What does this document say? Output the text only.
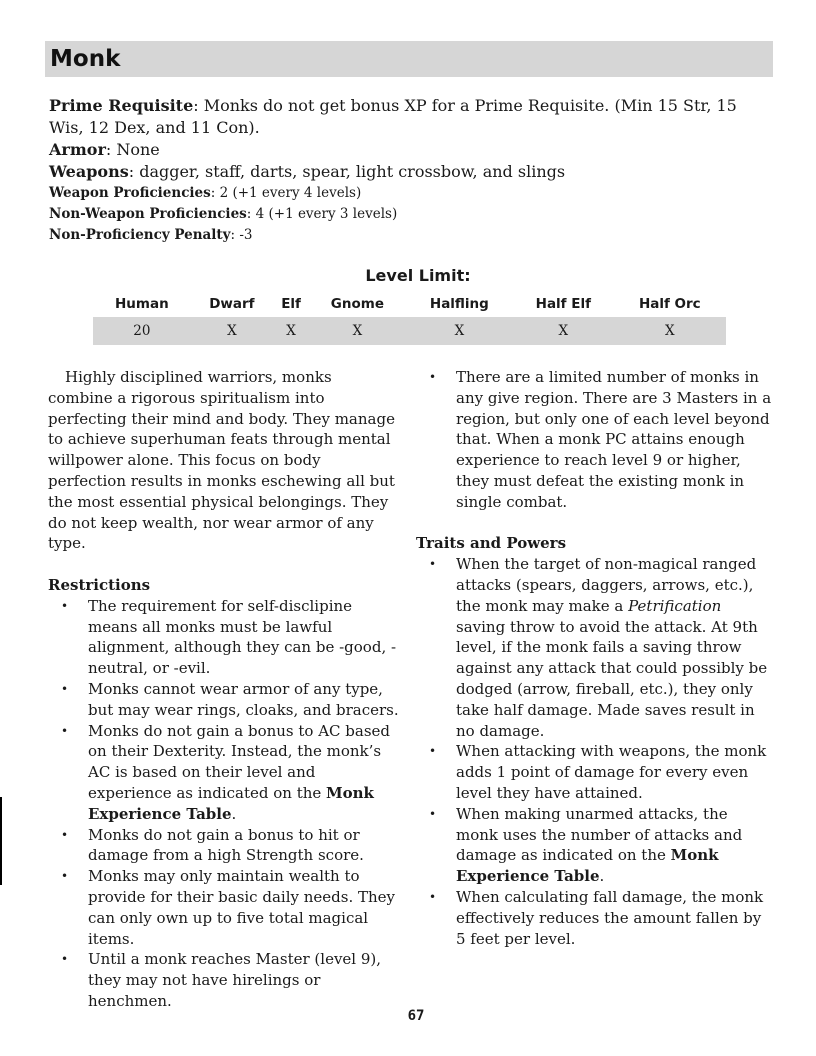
Monk

Prime Requisite: Monks do not get bonus XP for a Prime Requisite. (Min 15 Str, 15 Wis, 12 Dex, and 11 Con).

Armor: None

Weapons: dagger, staff, darts, spear, light crossbow, and slings

Weapon Proficiencies: 2 (+1 every 4 levels)

Non-Weapon Proficiencies: 4 (+1 every 3 levels)

Non-Proficiency Penalty: -3

Level Limit:
Human	Dwarf	Elf	Gnome	Halfling	Half Elf	Half Orc
20	X	X	X	X	X	X

Highly disciplined warriors, monks combine a rigorous spiritualism into perfecting their mind and body. They manage to achieve superhuman feats through mental willpower alone. This focus on body perfection results in monks eschewing all but the most essential physical belongings. They do not keep wealth, nor wear armor of any type.

Restrictions

• The requirement for self-disclipine means all monks must be lawful alignment, although they can be -good, -neutral, or -evil.
• Monks cannot wear armor of any type, but may wear rings, cloaks, and bracers.
• Monks do not gain a bonus to AC based on their Dexterity. Instead, the monk’s AC is based on their level and experience as indicated on the Monk Experience Table.
• Monks do not gain a bonus to hit or damage from a high Strength score.
• Monks may only maintain wealth to provide for their basic daily needs. They can only own up to five total magical items.
• Until a monk reaches Master (level 9), they may not have hirelings or henchmen.
• There are a limited number of monks in any give region. There are 3 Masters in a region, but only one of each level beyond that. When a monk PC attains enough experience to reach level 9 or higher, they must defeat the existing monk in single combat.

Traits and Powers

• When the target of non-magical ranged attacks (spears, daggers, arrows, etc.), the monk may make a Petrification saving throw to avoid the attack. At 9th level, if the monk fails a saving throw against any attack that could possibly be dodged (arrow, fireball, etc.), they only take half damage. Made saves result in no damage.
• When attacking with weapons, the monk adds 1 point of damage for every even level they have attained.
• When making unarmed attacks, the monk uses the number of attacks and damage as indicated on the Monk Experience Table.
• When calculating fall damage, the monk effectively reduces the amount fallen by 5 feet per level.
67
